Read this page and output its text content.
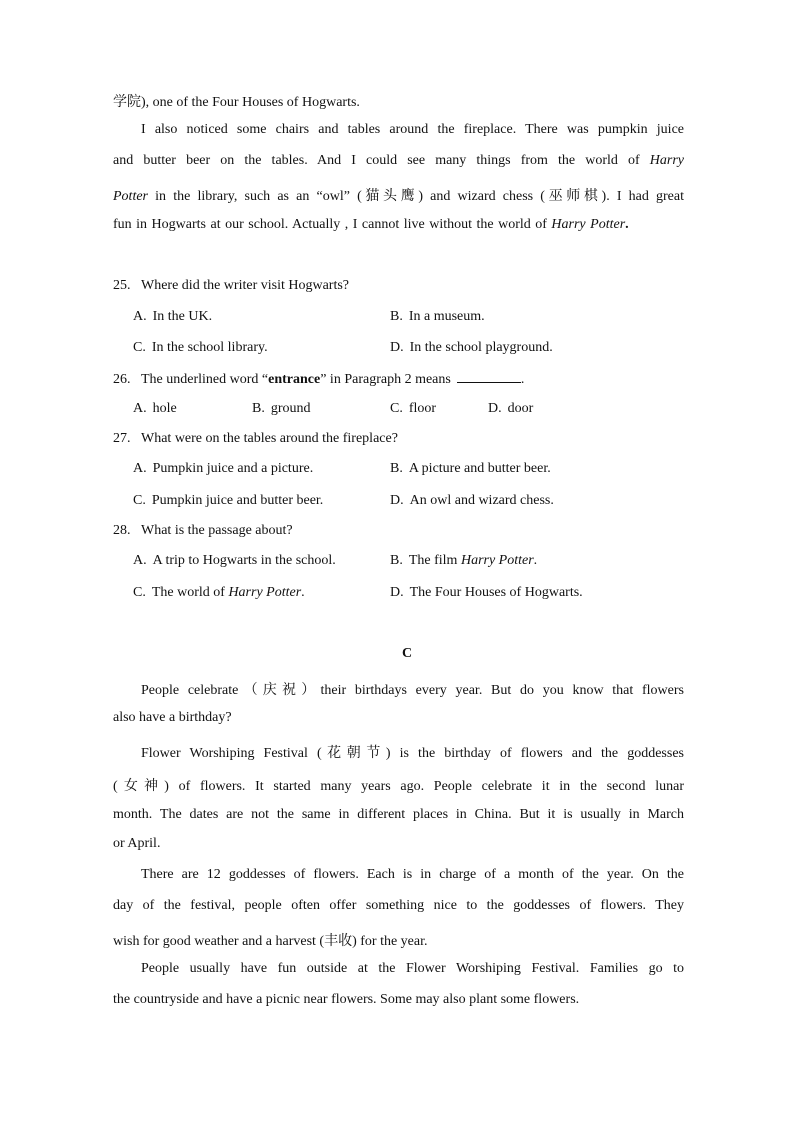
学院), one of the Four Houses of Hogwarts.
I also noticed some chairs and tables around the fireplace. There was pumpkin juice
and butter beer on the tables. And I could see many things from the world of Harry
Potter in the library, such as an “owl” (猫头鹰) and wizard chess (巫师棋). I had great
fun in Hogwarts at our school. Actually , I cannot live without the world of Harry Potter.
25. Where did the writer visit Hogwarts?
A. In the UK.	B. In a museum.
C. In the school library.	D. In the school playground.
26. The underlined word “entrance” in Paragraph 2 means	.
A. hole	B. ground	C. floor	D. door
27. What were on the tables around the fireplace?
A. Pumpkin juice and a picture.	B. A picture and butter beer.
C. Pumpkin juice and butter beer.	D. An owl and wizard chess.
28. What is the passage about?
A. A trip to Hogwarts in the school.	B. The film Harry Potter.
C. The world of Harry Potter.	D. The Four Houses of Hogwarts.
C
People celebrate（庆祝）their birthdays every year. But do you know that flowers
also have a birthday?
Flower Worshiping Festival (花朝节) is the birthday of flowers and the goddesses
(女神) of flowers. It started many years ago. People celebrate it in the second lunar
month. The dates are not the same in different places in China. But it is usually in March
or April.
There are 12 goddesses of flowers. Each is in charge of a month of the year. On the
day of the festival, people often offer something nice to the goddesses of flowers. They
wish for good weather and a harvest (丰收) for the year.
People usually have fun outside at the Flower Worshiping Festival. Families go to
the countryside and have a picnic near flowers. Some may also plant some flowers.
